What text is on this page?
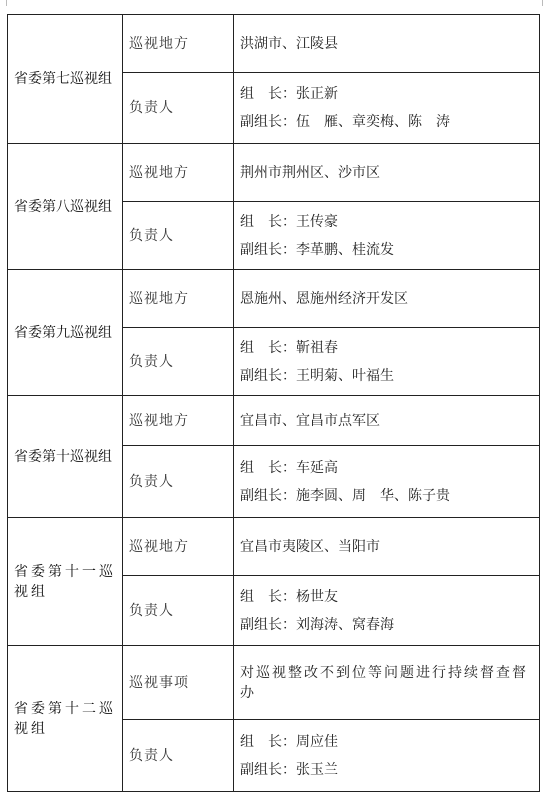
省委第七巡视组	巡视地方	洪湖市、江陵县

	负责人	组　长：张正新
副组长：伍　雁、章奕梅、陈　涛

省委第八巡视组	巡视地方	荆州市荆州区、沙市区

	负责人	组　长：王传豪
副组长：李革鹏、桂流发

省委第九巡视组	巡视地方	恩施州、恩施州经济开发区

	负责人	组　长：靳祖春
副组长：王明菊、叶福生

省委第十巡视组	巡视地方	宜昌市、宜昌市点军区

	负责人	组　长：车延高
副组长：施李圆、周　华、陈子贵

省委第十一巡视组	巡视地方	宜昌市夷陵区、当阳市

	负责人	组　长：杨世友
副组长：刘海涛、窝春海

省委第十二巡视组	巡视事项	对巡视整改不到位等问题进行持续督查督办

	负责人	组　长：周应佳
副组长：张玉兰
